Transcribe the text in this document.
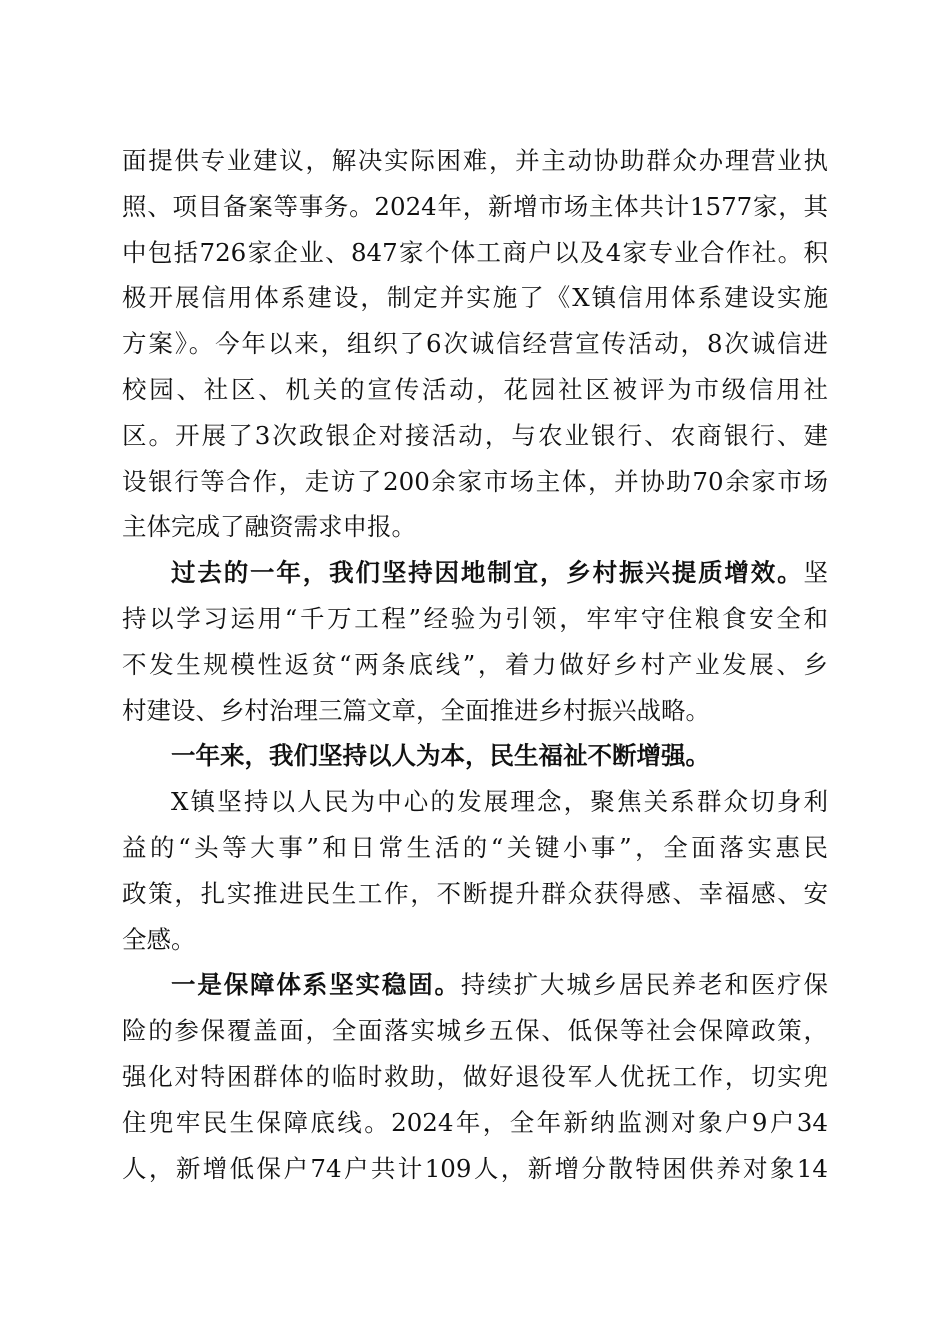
面提供专业建议，解决实际困难，并主动协助群众办理营业执
照、项目备案等事务。2024年，新增市场主体共计1577家，其
中包括726家企业、847家个体工商户以及4家专业合作社。积
极开展信用体系建设，制定并实施了《X镇信用体系建设实施
方案》。今年以来，组织了6次诚信经营宣传活动，8次诚信进
校园、社区、机关的宣传活动，花园社区被评为市级信用社
区。开展了3次政银企对接活动，与农业银行、农商银行、建
设银行等合作，走访了200余家市场主体，并协助70余家市场
主体完成了融资需求申报。
过去的一年，我们坚持因地制宜，乡村振兴提质增效。坚
持以学习运用“千万工程”经验为引领，牢牢守住粮食安全和
不发生规模性返贫“两条底线”，着力做好乡村产业发展、乡
村建设、乡村治理三篇文章，全面推进乡村振兴战略。
一年来，我们坚持以人为本，民生福祉不断增强。
X镇坚持以人民为中心的发展理念，聚焦关系群众切身利
益的“头等大事”和日常生活的“关键小事”，全面落实惠民
政策，扎实推进民生工作，不断提升群众获得感、幸福感、安
全感。
一是保障体系坚实稳固。持续扩大城乡居民养老和医疗保
险的参保覆盖面，全面落实城乡五保、低保等社会保障政策，
强化对特困群体的临时救助，做好退役军人优抚工作，切实兜
住兜牢民生保障底线。2024年，全年新纳监测对象户9户34
人，新增低保户74户共计109人，新增分散特困供养对象14
